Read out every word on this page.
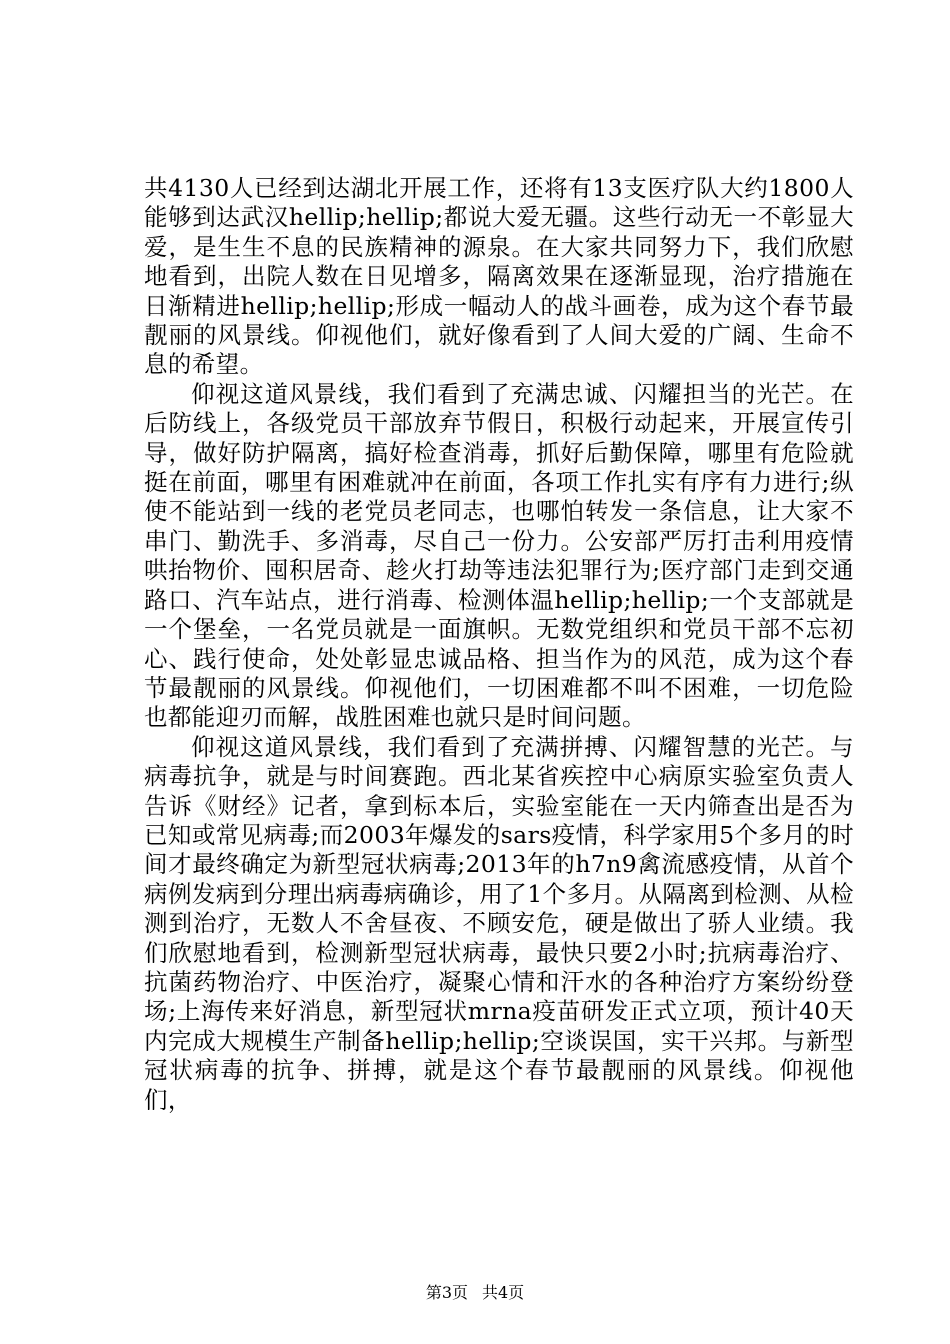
共4130人已经到达湖北开展工作，还将有13支医疗队大约1800人能够到达武汉hellip;hellip;都说大爱无疆。这些行动无一不彰显大爱，是生生不息的民族精神的源泉。在大家共同努力下，我们欣慰地看到，出院人数在日见增多，隔离效果在逐渐显现，治疗措施在日渐精进hellip;hellip;形成一幅动人的战斗画卷，成为这个春节最靓丽的风景线。仰视他们，就好像看到了人间大爱的广阔、生命不息的希望。

仰视这道风景线，我们看到了充满忠诚、闪耀担当的光芒。在后防线上，各级党员干部放弃节假日，积极行动起来，开展宣传引导，做好防护隔离，搞好检查消毒，抓好后勤保障，哪里有危险就挺在前面，哪里有困难就冲在前面，各项工作扎实有序有力进行;纵使不能站到一线的老党员老同志，也哪怕转发一条信息，让大家不串门、勤洗手、多消毒，尽自己一份力。公安部严厉打击利用疫情哄抬物价、囤积居奇、趁火打劫等违法犯罪行为;医疗部门走到交通路口、汽车站点，进行消毒、检测体温hellip;hellip;一个支部就是一个堡垒，一名党员就是一面旗帜。无数党组织和党员干部不忘初心、践行使命，处处彰显忠诚品格、担当作为的风范，成为这个春节最靓丽的风景线。仰视他们，一切困难都不叫不困难，一切危险也都能迎刃而解，战胜困难也就只是时间问题。

仰视这道风景线，我们看到了充满拼搏、闪耀智慧的光芒。与病毒抗争，就是与时间赛跑。西北某省疾控中心病原实验室负责人告诉《财经》记者，拿到标本后，实验室能在一天内筛查出是否为已知或常见病毒;而2003年爆发的sars疫情，科学家用5个多月的时间才最终确定为新型冠状病毒;2013年的h7n9禽流感疫情，从首个病例发病到分理出病毒病确诊，用了1个多月。从隔离到检测、从检测到治疗，无数人不舍昼夜、不顾安危，硬是做出了骄人业绩。我们欣慰地看到，检测新型冠状病毒，最快只要2小时;抗病毒治疗、抗菌药物治疗、中医治疗，凝聚心情和汗水的各种治疗方案纷纷登场;上海传来好消息，新型冠状mrna疫苗研发正式立项，预计40天内完成大规模生产制备hellip;hellip;空谈误国，实干兴邦。与新型冠状病毒的抗争、拼搏，就是这个春节最靓丽的风景线。仰视他们，

第3页 共4页
